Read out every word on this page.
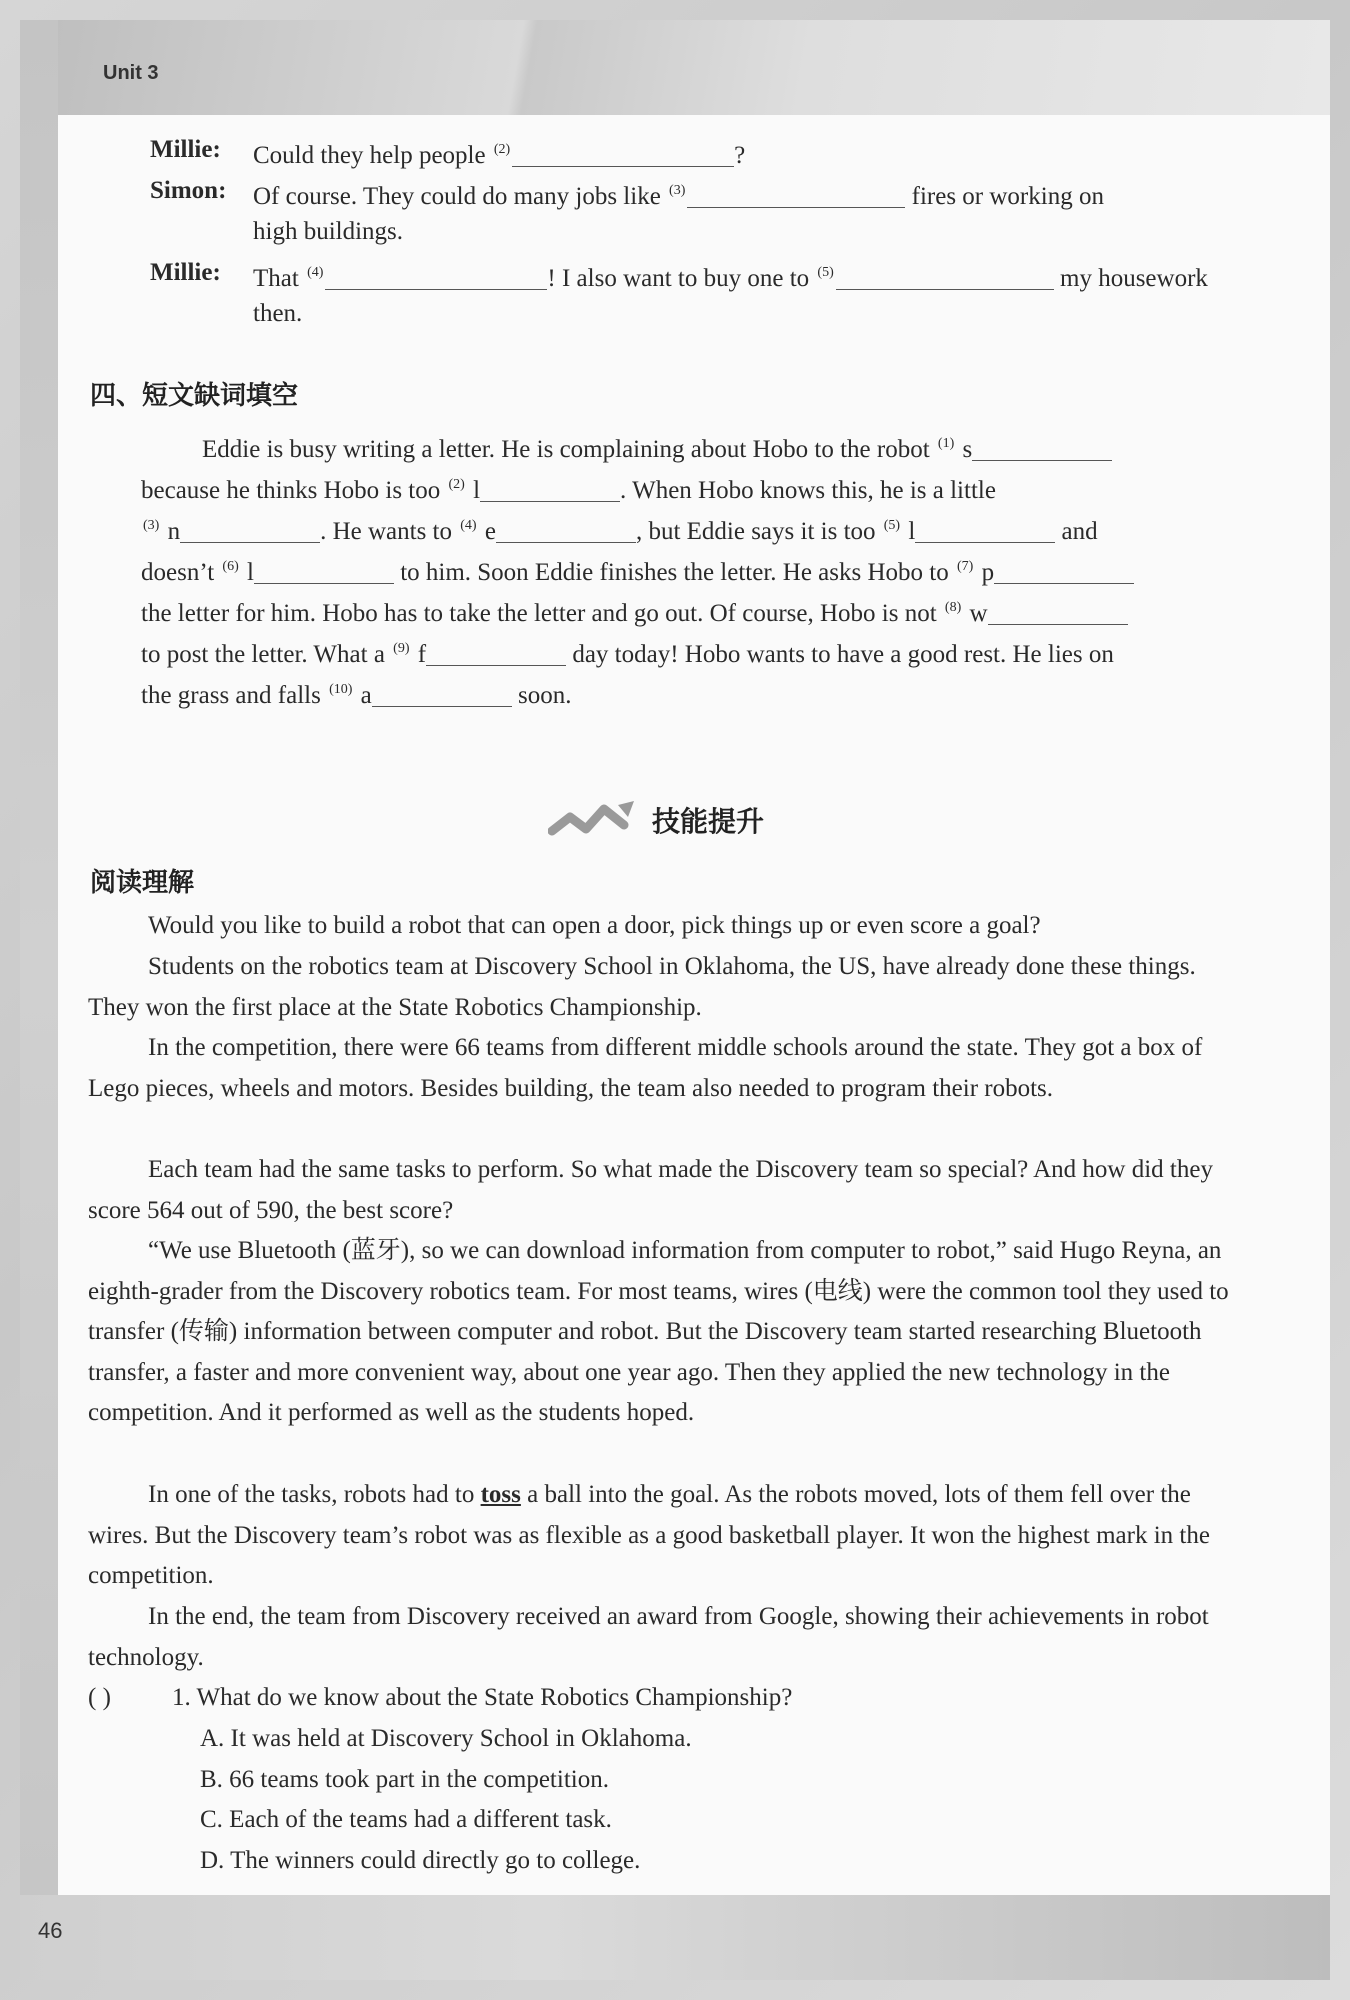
Unit 3
Millie: Could they help people $^{(2)}$	?
Simon: Of course. They could do many jobs like $^{(3)}$	fires or working on
high buildings.
Millie: That $^{(4)}$	! I also want to buy one to $^{(5)}$	my housework
then.
四、短文缺词填空
Eddie is busy writing a letter. He is complaining about Hobo to the robot $^{(1)}$ s
because he thinks Hobo is too $^{(2)}$ l	. When Hobo knows this, he is a little
$^{(3)}$ n	. He wants to $^{(4)}$ e	, but Eddie says it is too $^{(5)}$ l	and
doesn’t $^{(6)}$ l	to him. Soon Eddie finishes the letter. He asks Hobo to $^{(7)}$ p
the letter for him. Hobo has to take the letter and go out. Of course, Hobo is not $^{(8)}$ w
to post the letter. What a $^{(9)}$ f	day today! Hobo wants to have a good rest. He lies on
the grass and falls $^{(10)}$ a	soon.
技能提升
阅读理解
Would you like to build a robot that can open a door, pick things up or even score a goal?
Students on the robotics team at Discovery School in Oklahoma, the US, have already done these things. They won the first place at the State Robotics Championship.
In the competition, there were 66 teams from different middle schools around the state. They got a box of Lego pieces, wheels and motors. Besides building, the team also needed to program their robots.
Each team had the same tasks to perform. So what made the Discovery team so special? And how did they score 564 out of 590, the best score?
“We use Bluetooth (蓝牙), so we can download information from computer to robot,” said Hugo Reyna, an eighth-grader from the Discovery robotics team. For most teams, wires (电线) were the common tool they used to transfer (传输) information between computer and robot. But the Discovery team started researching Bluetooth transfer, a faster and more convenient way, about one year ago. Then they applied the new technology in the competition. And it performed as well as the students hoped.
In one of the tasks, robots had to toss a ball into the goal. As the robots moved, lots of them fell over the wires. But the Discovery team’s robot was as flexible as a good basketball player. It won the highest mark in the competition.
In the end, the team from Discovery received an award from Google, showing their achievements in robot technology.
( ) 1. What do we know about the State Robotics Championship?
A. It was held at Discovery School in Oklahoma.
B. 66 teams took part in the competition.
C. Each of the teams had a different task.
D. The winners could directly go to college.
46
